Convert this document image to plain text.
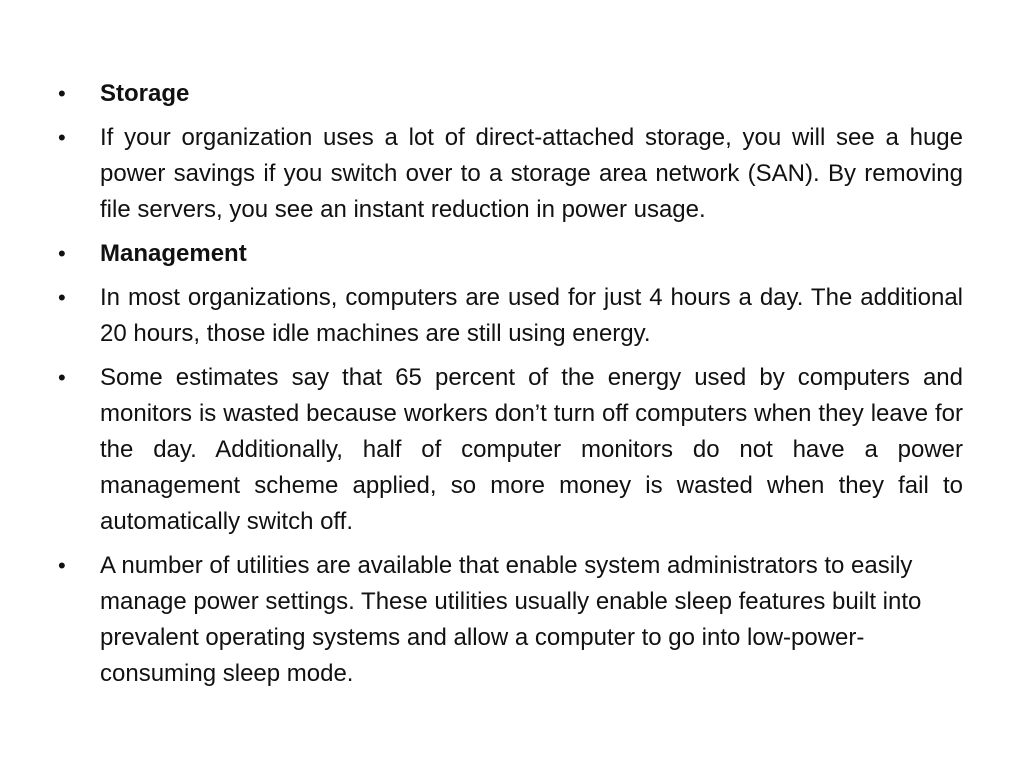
•	Storage
•	If your organization uses a lot of direct-attached storage, you will see a huge power savings if you switch over to a storage area network (SAN). By removing file servers, you see an instant reduction in power usage.
•	Management
•	In most organizations, computers are used for just 4 hours a day. The additional 20 hours, those idle machines are still using energy.
•	Some estimates say that 65 percent of the energy used by computers and monitors is wasted because workers don’t turn off computers when they leave for the day. Additionally, half of computer monitors do not have a power management scheme applied, so more money is wasted when they fail to automatically switch off.
•	A number of utilities are available that enable system administrators to easily manage power settings. These utilities usually enable sleep features built into prevalent operating systems and allow a computer to go into low-power-consuming sleep mode.
